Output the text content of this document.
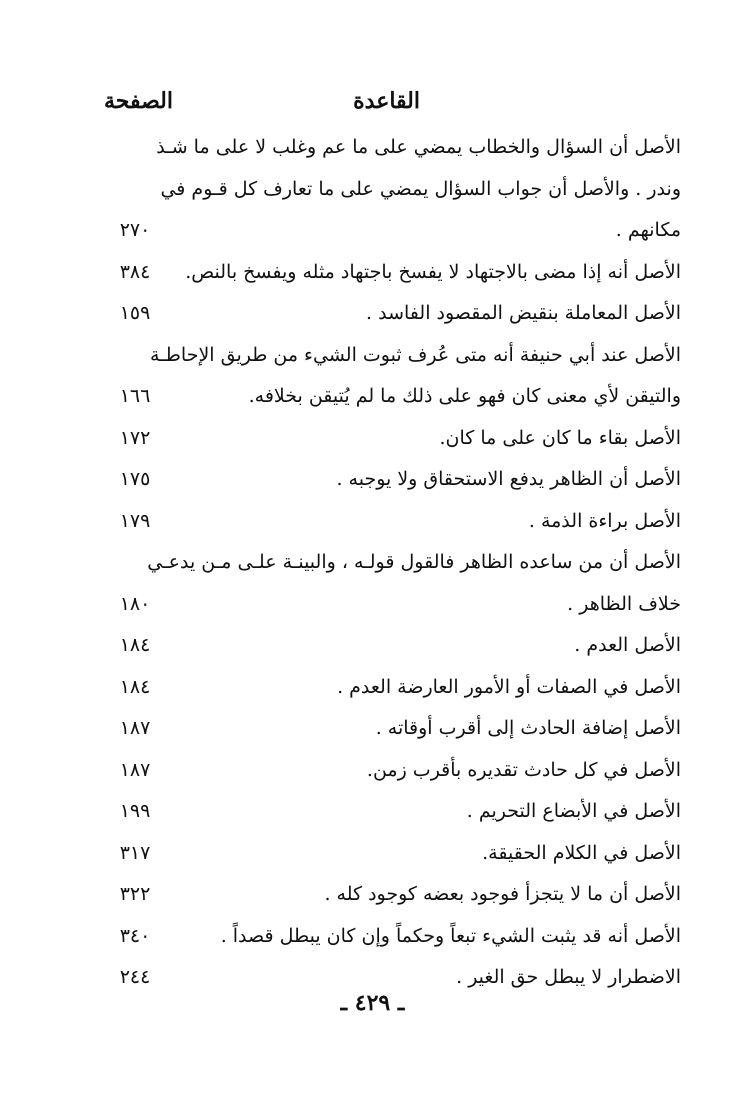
القاعدة
الصفحة
الأصل أن السؤال والخطاب يمضي على ما عم وغلب لا على ما شـذ
وندر . والأصل أن جواب السؤال يمضي على ما تعارف كل قـوم في
مكانهم .
٢٧٠
الأصل أنه إذا مضى بالاجتهاد لا يفسخ باجتهاد مثله ويفسخ بالنص.
٣٨٤
الأصل المعاملة بنقيض المقصود الفاسد .
١٥٩
الأصل عند أبي حنيفة أنه متى عُرف ثبوت الشيء من طريق الإحاطـة
والتيقن لأي معنى كان فهو على ذلك ما لم يُتيقن بخلافه.
١٦٦
الأصل بقاء ما كان على ما كان.
١٧٢
الأصل أن الظاهر يدفع الاستحقاق ولا يوجبه .
١٧٥
الأصل براءة الذمة .
١٧٩
الأصل أن من ساعده الظاهر فالقول قولـه ، والبينـة علـى مـن يدعـي
خلاف الظاهر .
١٨٠
الأصل العدم .
١٨٤
الأصل في الصفات أو الأمور العارضة العدم .
١٨٤
الأصل إضافة الحادث إلى أقرب أوقاته .
١٨٧
الأصل في كل حادث تقديره بأقرب زمن.
١٨٧
الأصل في الأبضاع التحريم .
١٩٩
الأصل في الكلام الحقيقة.
٣١٧
الأصل أن ما لا يتجزأ فوجود بعضه كوجود كله .
٣٢٢
الأصل أنه قد يثبت الشيء تبعاً وحكماً وإن كان يبطل قصداً .
٣٤٠
الاضطرار لا يبطل حق الغير .
٢٤٤
ـ ٤٢٩ ـ
